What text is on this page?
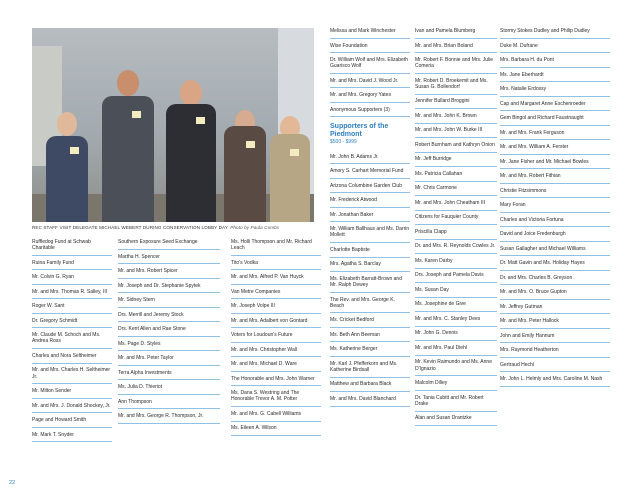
REC STAFF VISIT DELEGATE MICHAEL WEBERT DURING CONSERVATION LOBBY DAY. Photo by Paula Combs
Ruffledog Fund at Schwab Charitable
Ruina Family Fund
Mr. Colvin G. Ryan
Mr. and Mrs. Thomas R. Salley, III
Roger W. Sant
Dr. Gregory Schmidt
Mr. Claude M. Schoch and Ms. Andrea Ross
Charles and Nora Seltheimer
Mr. and Mrs. Charles H. Seltheimer Jr.
Mr. Milton Sender
Mr. and Mrs. J. Donald Shockey, Jr.
Page and Howard Smith
Mr. Mark T. Snyder
Southern Exposure Seed Exchange
Martha H. Spencer
Mr. and Mrs. Robert Spicer
Mr. Joseph and Dr. Stephanie Spytek
Mr. Sidney Stern
Drs. Merrill and Jeremy Stock
Drs. Kent Allen and Rae Stone
Ms. Page D. Styles
Mr. and Mrs. Peter Taylor
Terra Alpha Investments
Ms. Julia D. Thieriot
Ann Thompson
Mr. and Mrs. George R. Thompson, Jr.
Ms. Holli Thompson and Mr. Richard Leach
Tito's Vodka
Mr. and Mrs. Alfred P. Van Huyck
Van Metre Companies
Mr. Joseph Volpe III
Mr. and Mrs. Adalbert von Gontard
Voters for Loudoun's Future
Mr. and Mrs. Christopher Wall
Mr. and Mrs. Michael D. Ware
The Honorable and Mrs. John Warner
Ms. Dana S. Westring and The Honorable Trevor A. M. Potter
Mr. and Mrs. G. Cabell Williams
Ms. Eileen A. Wilson
Melissa and Mark Winchester
Wise Foundation
Dr. William Wolf and Mrs. Elizabeth Guarisco Wolf
Mr. and Mrs. David J. Wood Jr.
Mr. and Mrs. Gregory Yates
Anonymous Supporters (3)
Supporters of the Piedmont
$500 - $999
Mr. John B. Adams Jr.
Amory S. Carhart Memorial Fund
Arizona Columbine Garden Club
Mr. Frederick Atwood
Mr. Jonathan Baker
Mr. William Ballhaus and Ms. Darrin Mollett
Charlotte Baptiste
Mrs. Agatha S. Barclay
Ms. Elizabeth Barratt-Brown and Mr. Ralph Dewey
The Rev. and Mrs. George K. Beach
Ms. Cricket Bedford
Ms. Beth Ann Beeman
Ms. Katherine Berger
Mr. Karl J. Pfefferkorn and Ms. Katherine Birdsall
Matthew and Barbara Black
Mr. and Mrs. David Blanchard
Ivan and Pamela Blumberg
Mr. and Mrs. Brian Boland
Mr. Robert F. Bonnie and Mrs. Julie Comeria
Mr. Robert D. Broekemit and Ms. Susan G. Bollendorf
Jennifer Bullard Broggini
Mr. and Mrs. John K. Brown
Mr. and Mrs. John W. Burke III
Robert Burnham and Kathryn Onion
Mr. Jeff Burridge
Ms. Patricia Callahan
Mr. Chris Carmone
Mr. and Mrs. John Cheatham III
Citizens for Fauquier County
Priscilla Clapp
Dr. and Mrs. R. Reynolds Cowles Jr.
Ms. Karen Darby
Drs. Joseph and Pamela Davis
Ms. Susan Day
Ms. Josephine de Give
Mr. and Mrs. C. Stanley Dees
Mr. John G. Dennis
Mr. and Mrs. Paul Diehl
Mr. Kevin Raimundo and Ms. Anne D'Ignazio
Malcolm Dilley
Dr. Tania Cubitt and Mr. Robert Drake
Alan and Susan Drantzke
Stormy Stokes Dudley and Philip Dudley
Duke M. Dufrane
Mrs. Barbara H. du Pont
Ms. Jane Eberhardt
Mrs. Natalie Erdossy
Cap and Margaret Anne Eschenroeder
Gem Bingol and Richard Faustnaught
Mr. and Mrs. Frank Ferguson
Mr. and Mrs. William A. Ferster
Mr. Jane Fisher and Mr. Michael Bowles
Mr. and Mrs. Robert Fithian
Christie Fitzsimmons
Mary Foran
Charles and Victoria Fortuna
David and Joice Fredenburgh
Susan Gallagher and Michael Williams
Dr. Matt Gavin and Ms. Holiday Hayes
Dr. and Mrs. Charles B. Greyson
Mr. and Mrs. O. Bruce Gupton
Mr. Jeffrey Gutman
Mr. and Mrs. Peter Hallock
John and Emily Hannum
Mrs. Raymond Heatherton
Gertraud Hechl
Mr. John L. Helmly and Mrs. Caroline M. Nash
22
